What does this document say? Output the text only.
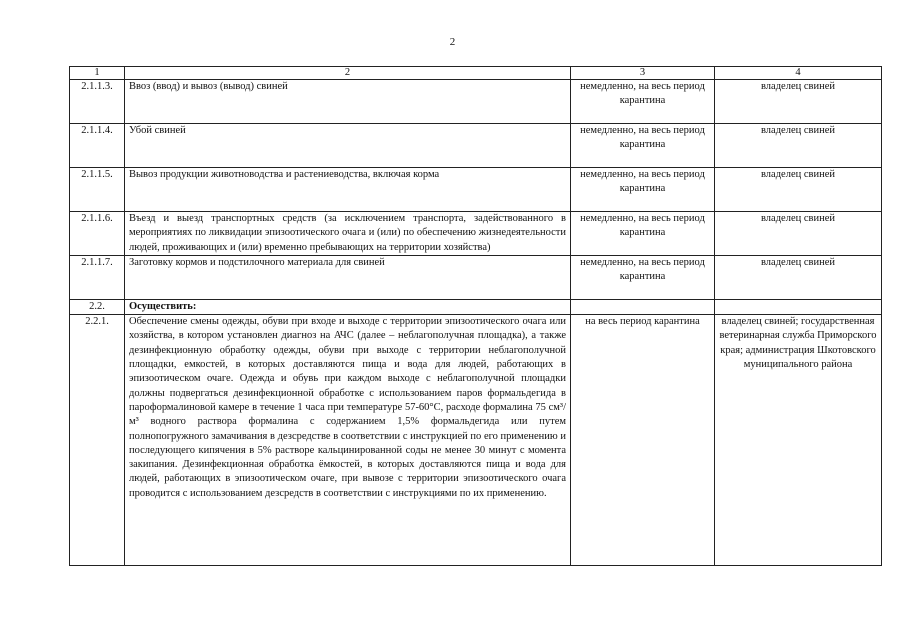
2
1	2	3	4
2.1.1.3.	Ввоз (ввод) и вывоз (вывод) свиней	немедленно, на весь период карантина	владелец свиней
2.1.1.4.	Убой свиней	немедленно, на весь период карантина	владелец свиней
2.1.1.5.	Вывоз продукции животноводства и растениеводства, включая корма	немедленно, на весь период карантина	владелец свиней
2.1.1.6.	Въезд и выезд транспортных средств (за исключением транспорта, задействованного в мероприятиях по ликвидации эпизоотического очага и (или) по обеспечению жизнедеятельности людей, проживающих и (или) временно пребывающих на территории хозяйства)	немедленно, на весь период карантина	владелец свиней
2.1.1.7.	Заготовку кормов и подстилочного материала для свиней	немедленно, на весь период карантина	владелец свиней
2.2.	Осуществить:		
2.2.1.	Обеспечение смены одежды, обуви при входе и выходе с территории эпизоотического очага или хозяйства, в котором установлен диагноз на АЧС (далее – неблагополучная площадка), а также дезинфекционную обработку одежды, обуви при выходе с территории неблагополучной площадки, емкостей, в которых доставляются пища и вода для людей, работающих в эпизоотическом очаге. Одежда и обувь при каждом выходе с неблагополучной площадки должны подвергаться дезинфекционной обработке с использованием паров формальдегида в пароформалиновой камере в течение 1 часа при температуре 57-60°С, расходе формалина 75 см³/м³ водного раствора формалина с содержанием 1,5% формальдегида или путем полнопогружного замачивания в дезсредстве в соответствии с инструкцией по его применению и последующего кипячения в 5% растворе кальцинированной соды не менее 30 минут с момента закипания. Дезинфекционная обработка ёмкостей, в которых доставляются пища и вода для людей, работающих в эпизоотическом очаге, при вывозе с территории эпизоотического очага проводится с использованием дезсредств в соответствии с инструкциями по их применению.	на весь период карантина	владелец свиней; государственная ветеринарная служба Приморского края; администрация Шкотовского муниципального района
